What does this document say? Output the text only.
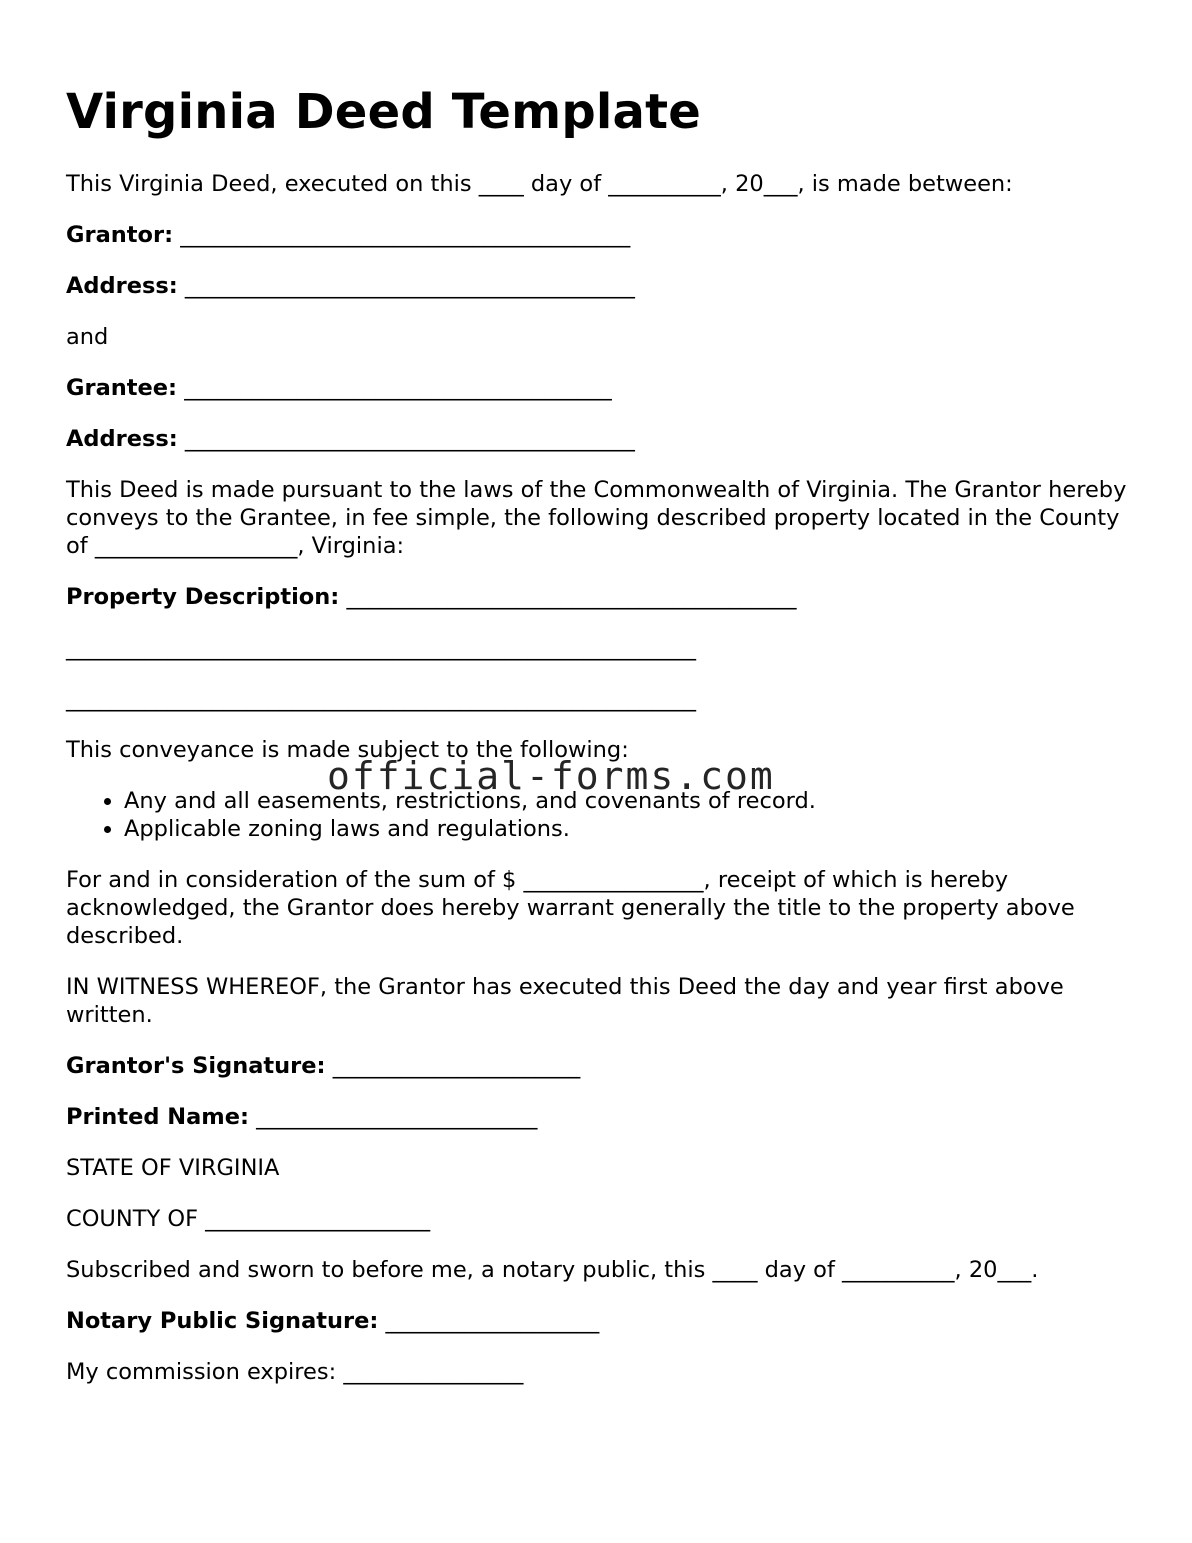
Virginia Deed Template

This Virginia Deed, executed on this ____ day of __________, 20___, is made between:

Grantor: ________________________________________

Address: ________________________________________

and

Grantee: ______________________________________

Address: ________________________________________

This Deed is made pursuant to the laws of the Commonwealth of Virginia. The Grantor hereby conveys to the Grantee, in fee simple, the following described property located in the County of __________________, Virginia:

Property Description: ________________________________________

________________________________________________________

________________________________________________________

This conveyance is made subject to the following:

• Any and all easements, restrictions, and covenants of record.
• Applicable zoning laws and regulations.

For and in consideration of the sum of $ ________________, receipt of which is hereby acknowledged, the Grantor does hereby warrant generally the title to the property above described.

IN WITNESS WHEREOF, the Grantor has executed this Deed the day and year first above written.

Grantor's Signature: ______________________

Printed Name: _________________________

STATE OF VIRGINIA

COUNTY OF ____________________

Subscribed and sworn to before me, a notary public, this ____ day of __________, 20___.

Notary Public Signature: ___________________

My commission expires: ________________

official-forms.com
